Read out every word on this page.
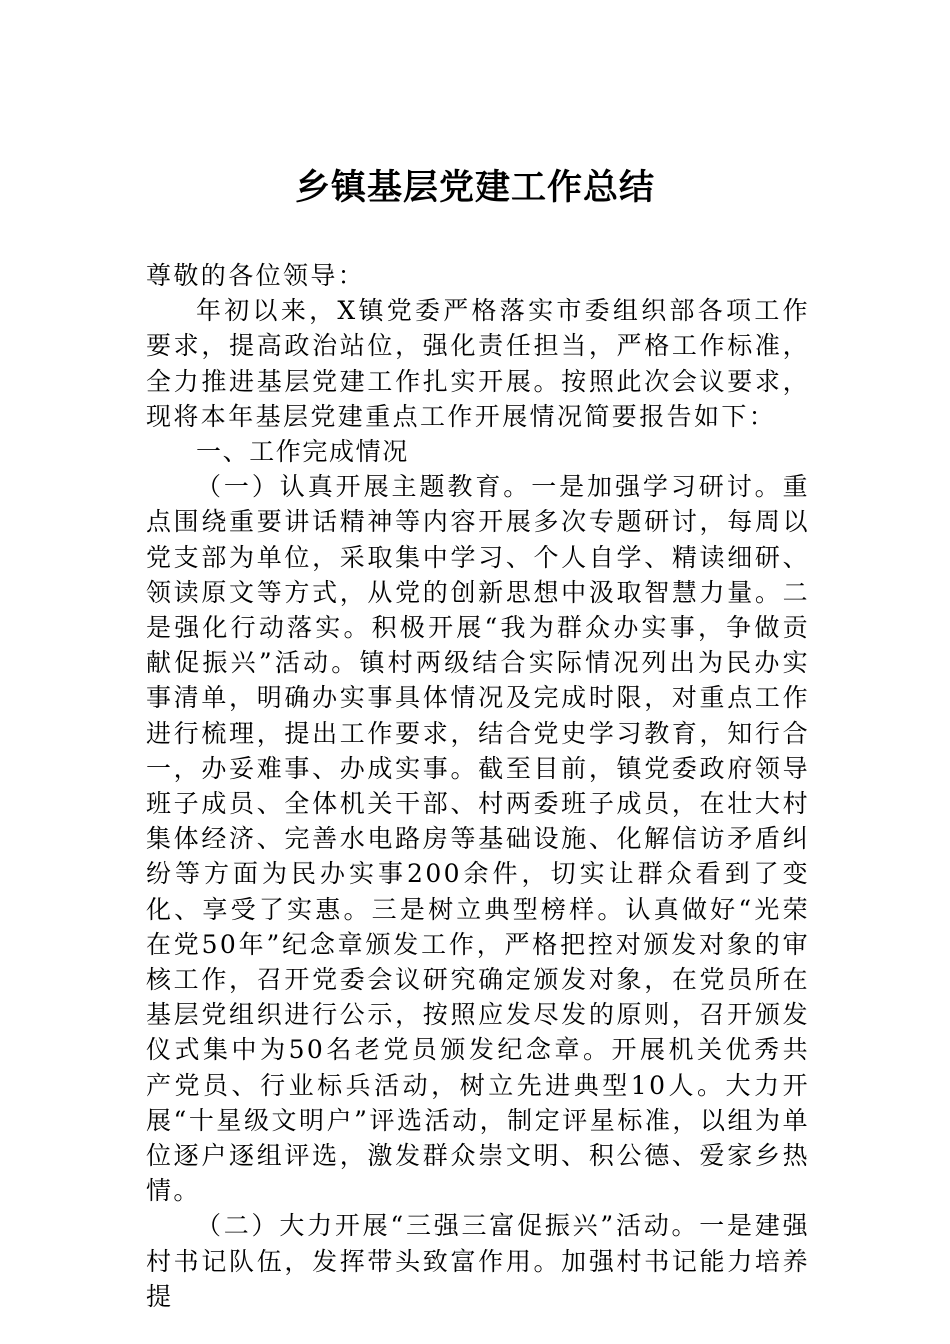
乡镇基层党建工作总结

尊敬的各位领导：

年初以来，X镇党委严格落实市委组织部各项工作要求，提高政治站位，强化责任担当，严格工作标准，全力推进基层党建工作扎实开展。按照此次会议要求，现将本年基层党建重点工作开展情况简要报告如下：

一、工作完成情况

（一）认真开展主题教育。一是加强学习研讨。重点围绕重要讲话精神等内容开展多次专题研讨，每周以党支部为单位，采取集中学习、个人自学、精读细研、领读原文等方式，从党的创新思想中汲取智慧力量。二是强化行动落实。积极开展“我为群众办实事，争做贡献促振兴”活动。镇村两级结合实际情况列出为民办实事清单，明确办实事具体情况及完成时限，对重点工作进行梳理，提出工作要求，结合党史学习教育，知行合一，办妥难事、办成实事。截至目前，镇党委政府领导班子成员、全体机关干部、村两委班子成员，在壮大村集体经济、完善水电路房等基础设施、化解信访矛盾纠纷等方面为民办实事200余件，切实让群众看到了变化、享受了实惠。三是树立典型榜样。认真做好“光荣在党50年”纪念章颁发工作，严格把控对颁发对象的审核工作，召开党委会议研究确定颁发对象，在党员所在基层党组织进行公示，按照应发尽发的原则，召开颁发仪式集中为50名老党员颁发纪念章。开展机关优秀共产党员、行业标兵活动，树立先进典型10人。大力开展“十星级文明户”评选活动，制定评星标准，以组为单位逐户逐组评选，激发群众崇文明、积公德、爱家乡热情。

（二）大力开展“三强三富促振兴”活动。一是建强村书记队伍，发挥带头致富作用。加强村书记能力培养提
